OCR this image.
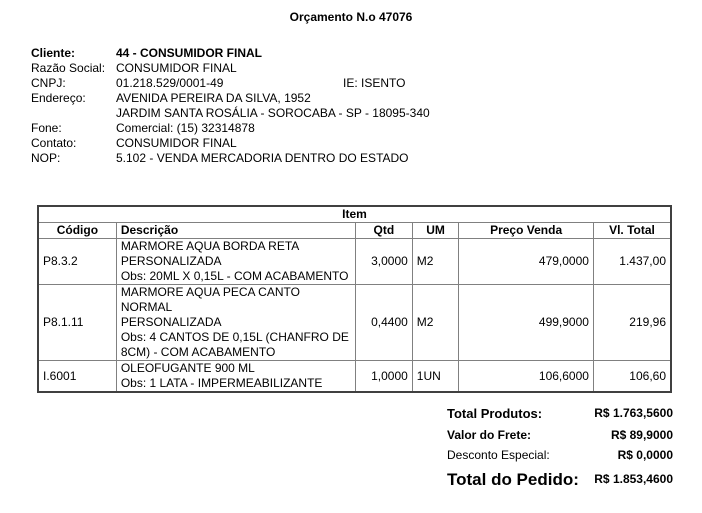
Orçamento N.o 47076
Cliente:	44 - CONSUMIDOR FINAL
Razão Social: CONSUMIDOR FINAL
CNPJ:	01.218.529/0001-49	IE: ISENTO
Endereço:	AVENIDA PEREIRA DA SILVA, 1952
JARDIM SANTA ROSÁLIA - SOROCABA - SP - 18095-340
Fone:	Comercial: (15) 32314878
Contato:	CONSUMIDOR FINAL
NOP:	5.102 - VENDA MERCADORIA DENTRO DO ESTADO
Item					
Código	Descrição	Qtd	UM	Preço Venda	Vl. Total
P8.3.2	MARMORE AQUA BORDA RETA
PERSONALIZADA
Obs: 20ML X 0,15L - COM ACABAMENTO	3,0000	M2	479,0000	1.437,00
P8.1.11	MARMORE AQUA PECA CANTO NORMAL
PERSONALIZADA
Obs: 4 CANTOS DE 0,15L (CHANFRO DE
8CM) - COM ACABAMENTO	0,4400	M2	499,9000	219,96
I.6001	OLEOFUGANTE 900 ML
Obs: 1 LATA - IMPERMEABILIZANTE	1,0000	1UN	106,6000	106,60
Total Produtos:	R$ 1.763,5600
Valor do Frete:	R$ 89,9000
Desconto Especial:	R$ 0,0000
Total do Pedido: R$ 1.853,4600
